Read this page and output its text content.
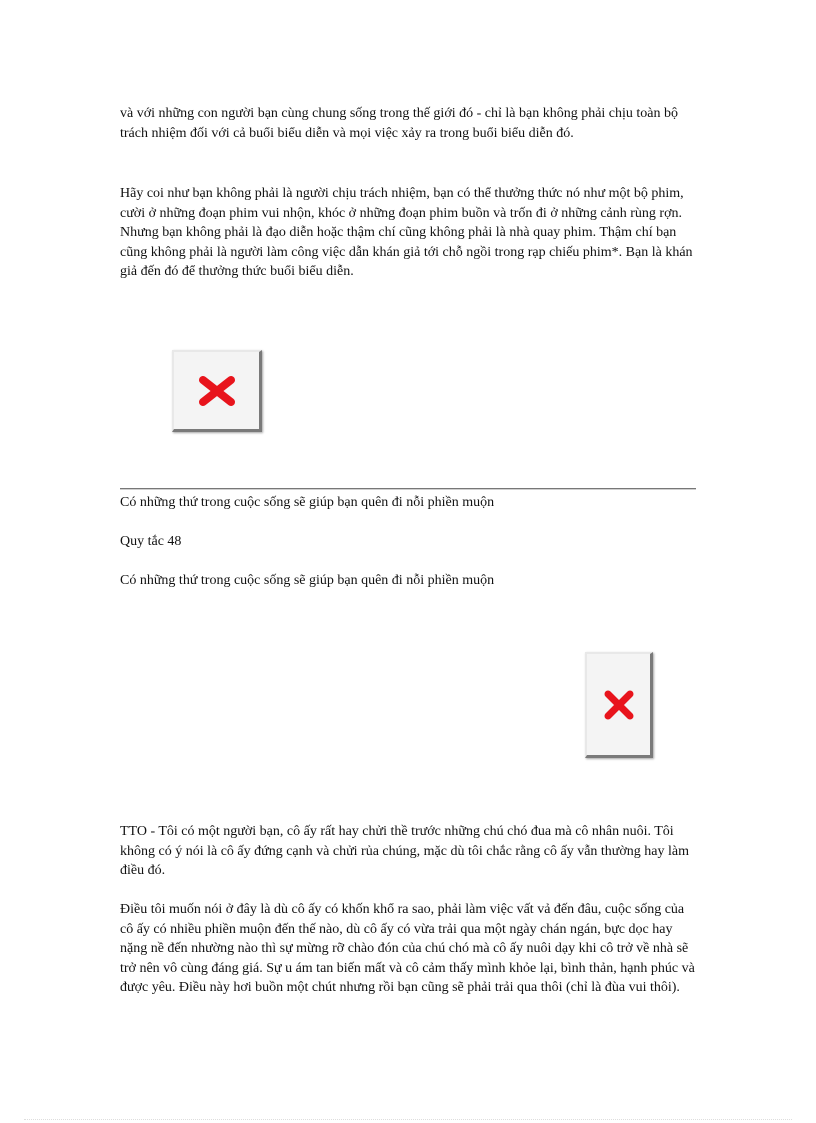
và với những con người bạn cùng chung sống trong thế giới đó - chỉ là bạn không phải chịu toàn bộ trách nhiệm đối với cả buổi biểu diễn và mọi việc xảy ra trong buổi biểu diễn đó.

Hãy coi như bạn không phải là người chịu trách nhiệm, bạn có thể thưởng thức nó như một bộ phim, cười ở những đoạn phim vui nhộn, khóc ở những đoạn phim buồn và trốn đi ở những cảnh rùng rợn. Nhưng bạn không phải là đạo diễn hoặc thậm chí cũng không phải là nhà quay phim. Thậm chí bạn cũng không phải là người làm công việc dẫn khán giả tới chỗ ngồi trong rạp chiếu phim*. Bạn là khán giả đến đó để thưởng thức buổi biểu diễn.

Có những thứ trong cuộc sống sẽ giúp bạn quên đi nỗi phiền muộn

Quy tắc 48

Có những thứ trong cuộc sống sẽ giúp bạn quên đi nỗi phiền muộn

TTO - Tôi có một người bạn, cô ấy rất hay chửi thề trước những chú chó đua mà cô nhân nuôi. Tôi không có ý nói là cô ấy đứng cạnh và chửi rủa chúng, mặc dù tôi chắc rằng cô ấy vẫn thường hay làm điều đó.

Điều tôi muốn nói ở đây là dù cô ấy có khốn khổ ra sao, phải làm việc vất vả đến đâu, cuộc sống của cô ấy có nhiều phiền muộn đến thế nào, dù cô ấy có vừa trải qua một ngày chán ngán, bực dọc hay nặng nề đến nhường nào thì sự mừng rỡ chào đón của chú chó mà cô ấy nuôi dạy khi cô trở về nhà sẽ trở nên vô cùng đáng giá. Sự u ám tan biến mất và cô cảm thấy mình khỏe lại, bình thản, hạnh phúc và được yêu. Điều này hơi buồn một chút nhưng rồi bạn cũng sẽ phải trải qua thôi (chỉ là đùa vui thôi).
